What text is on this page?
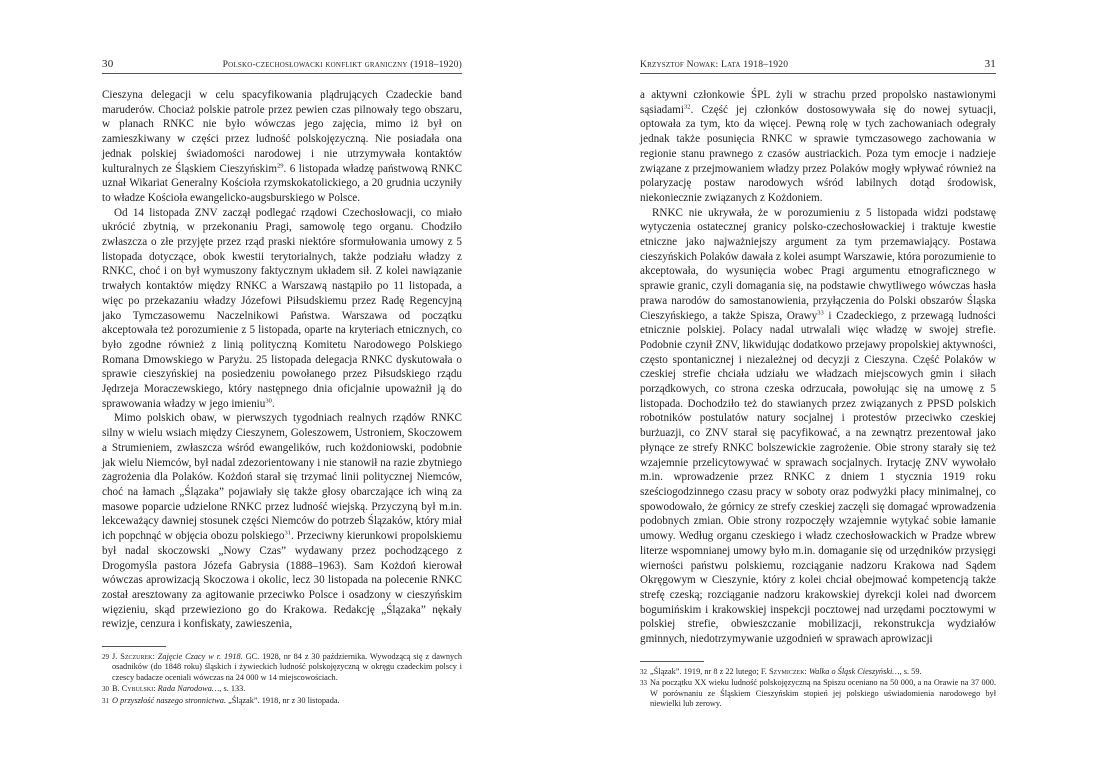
30	Polsko-czechosłowacki konflikt graniczny (1918–1920)

Cieszyna delegacji w celu spacyfikowania plądrujących Czadeckie band maruderów. Chociaż polskie patrole przez pewien czas pilnowały tego obszaru, w planach RNKC nie było wówczas jego zajęcia, mimo iż był on zamieszkiwany w części przez ludność polskojęzyczną. Nie posiadała ona jednak polskiej świadomości narodowej i nie utrzymywała kontaktów kulturalnych ze Śląskiem Cieszyńskim$^{29}$. 6 listopada władzę państwową RNKC uznał Wikariat Generalny Kościoła rzymskokatolickiego, a 20 grudnia uczyniły to władze Kościoła ewangelicko-augsburskiego w Polsce.

Od 14 listopada ZNV zaczął podlegać rządowi Czechosłowacji, co miało ukrócić zbytnią, w przekonaniu Pragi, samowolę tego organu. Chodziło zwłaszcza o złe przyjęte przez rząd praski niektóre sformułowania umowy z 5 listopada dotyczące, obok kwestii terytorialnych, także podziału władzy z RNKC, choć i on był wymuszony faktycznym układem sił. Z kolei nawiązanie trwałych kontaktów między RNKC a Warszawą nastąpiło po 11 listopada, a więc po przekazaniu władzy Józefowi Piłsudskiemu przez Radę Regencyjną jako Tymczasowemu Naczelnikowi Państwa. Warszawa od początku akceptowała też porozumienie z 5 listopada, oparte na kryteriach etnicznych, co było zgodne również z linią polityczną Komitetu Narodowego Polskiego Romana Dmowskiego w Paryżu. 25 listopada delegacja RNKC dyskutowała o sprawie cieszyńskiej na posiedzeniu powołanego przez Piłsudskiego rządu Jędrzeja Moraczewskiego, który następnego dnia oficjalnie upoważnił ją do sprawowania władzy w jego imieniu$^{30}$.

Mimo polskich obaw, w pierwszych tygodniach realnych rządów RNKC silny w wielu wsiach między Cieszynem, Goleszowem, Ustroniem, Skoczowem a Strumieniem, zwłaszcza wśród ewangelików, ruch kożdoniowski, podobnie jak wielu Niemców, był nadal zdezorientowany i nie stanowił na razie zbytniego zagrożenia dla Polaków. Kożdoń starał się trzymać linii politycznej Niemców, choć na łamach „Ślązaka” pojawiały się także głosy obarczające ich winą za masowe poparcie udzielone RNKC przez ludność wiejską. Przyczyną był m.in. lekceważący dawniej stosunek części Niemców do potrzeb Ślązaków, który miał ich popchnąć w objęcia obozu polskiego$^{31}$. Przeciwny kierunkowi propolskiemu był nadal skoczowski „Nowy Czas” wydawany przez pochodzącego z Drogomyśla pastora Józefa Gabrysia (1888–1963). Sam Kożdoń kierował wówczas aprowizacją Skoczowa i okolic, lecz 30 listopada na polecenie RNKC został aresztowany za agitowanie przeciwko Polsce i osadzony w cieszyńskim więzieniu, skąd przewieziono go do Krakowa. Redakcję „Ślązaka” nękały rewizje, cenzura i konfiskaty, zawieszenia,

29 J. Szczurek: Zajęcie Czacy w r. 1918. GC. 1928, nr 84 z 30 października. Wywodzącą się z dawnych osadników (do 1848 roku) śląskich i żywieckich ludność polskojęzyczną w okręgu czadeckim polscy i czescy badacze oceniali wówczas na 24 000 w 14 miejscowościach.
30 B. Cybulski: Rada Narodowa…, s. 133.
31 O przyszłość naszego stronnictwa. „Ślązak”. 1918, nr z 30 listopada.
Krzysztof Nowak: Lata 1918–1920	31

a aktywni członkowie ŚPL żyli w strachu przed propolsko nastawionymi sąsiadami$^{32}$. Część jej członków dostosowywała się do nowej sytuacji, optowała za tym, kto da więcej. Pewną rolę w tych zachowaniach odegrały jednak także posunięcia RNKC w sprawie tymczasowego zachowania w regionie stanu prawnego z czasów austriackich. Poza tym emocje i nadzieje związane z przejmowaniem władzy przez Polaków mogły wpływać również na polaryzację postaw narodowych wśród labilnych dotąd środowisk, niekoniecznie związanych z Kożdoniem.

RNKC nie ukrywała, że w porozumieniu z 5 listopada widzi podstawę wytyczenia ostatecznej granicy polsko-czechosłowackiej i traktuje kwestie etniczne jako najważniejszy argument za tym przemawiający. Postawa cieszyńskich Polaków dawała z kolei asumpt Warszawie, która porozumienie to akceptowała, do wysunięcia wobec Pragi argumentu etnograficznego w sprawie granic, czyli domagania się, na podstawie chwytliwego wówczas hasła prawa narodów do samostanowienia, przyłączenia do Polski obszarów Śląska Cieszyńskiego, a także Spisza, Orawy$^{33}$ i Czadeckiego, z przewagą ludności etnicznie polskiej. Polacy nadal utrwalali więc władzę w swojej strefie. Podobnie czynił ZNV, likwidując dodatkowo przejawy propolskiej aktywności, często spontanicznej i niezależnej od decyzji z Cieszyna. Część Polaków w czeskiej strefie chciała udziału we władzach miejscowych gmin i siłach porządkowych, co strona czeska odrzucała, powołując się na umowę z 5 listopada. Dochodziło też do stawianych przez związanych z PPSD polskich robotników postulatów natury socjalnej i protestów przeciwko czeskiej burżuazji, co ZNV starał się pacyfikować, a na zewnątrz prezentował jako płynące ze strefy RNKC bolszewickie zagrożenie. Obie strony starały się też wzajemnie przelicytowywać w sprawach socjalnych. Irytację ZNV wywołało m.in. wprowadzenie przez RNKC z dniem 1 stycznia 1919 roku sześciogodzinnego czasu pracy w soboty oraz podwyżki płacy minimalnej, co spowodowało, że górnicy ze strefy czeskiej zaczęli się domagać wprowadzenia podobnych zmian. Obie strony rozpoczęły wzajemnie wytykać sobie łamanie umowy. Według organu czeskiego i władz czechosłowackich w Pradze wbrew literze wspomnianej umowy było m.in. domaganie się od urzędników przysięgi wierności państwu polskiemu, rozciąganie nadzoru Krakowa nad Sądem Okręgowym w Cieszynie, który z kolei chciał obejmować kompetencją także strefę czeską; rozciąganie nadzoru krakowskiej dyrekcji kolei nad dworcem bogumińskim i krakowskiej inspekcji pocztowej nad urzędami pocztowymi w polskiej strefie, obwieszczanie mobilizacji, rekonstrukcja wydziałów gminnych, niedotrzymywanie uzgodnień w sprawach aprowizacji

32 „Ślązak”. 1919, nr 8 z 22 lutego; F. Szymiczek: Walka o Śląsk Cieszyński…, s. 59.
33 Na początku XX wieku ludność polskojęzyczną na Spiszu oceniano na 50 000, a na Orawie na 37 000. W porównaniu ze Śląskiem Cieszyńskim stopień jej polskiego uświadomienia narodowego był niewielki lub zerowy.
